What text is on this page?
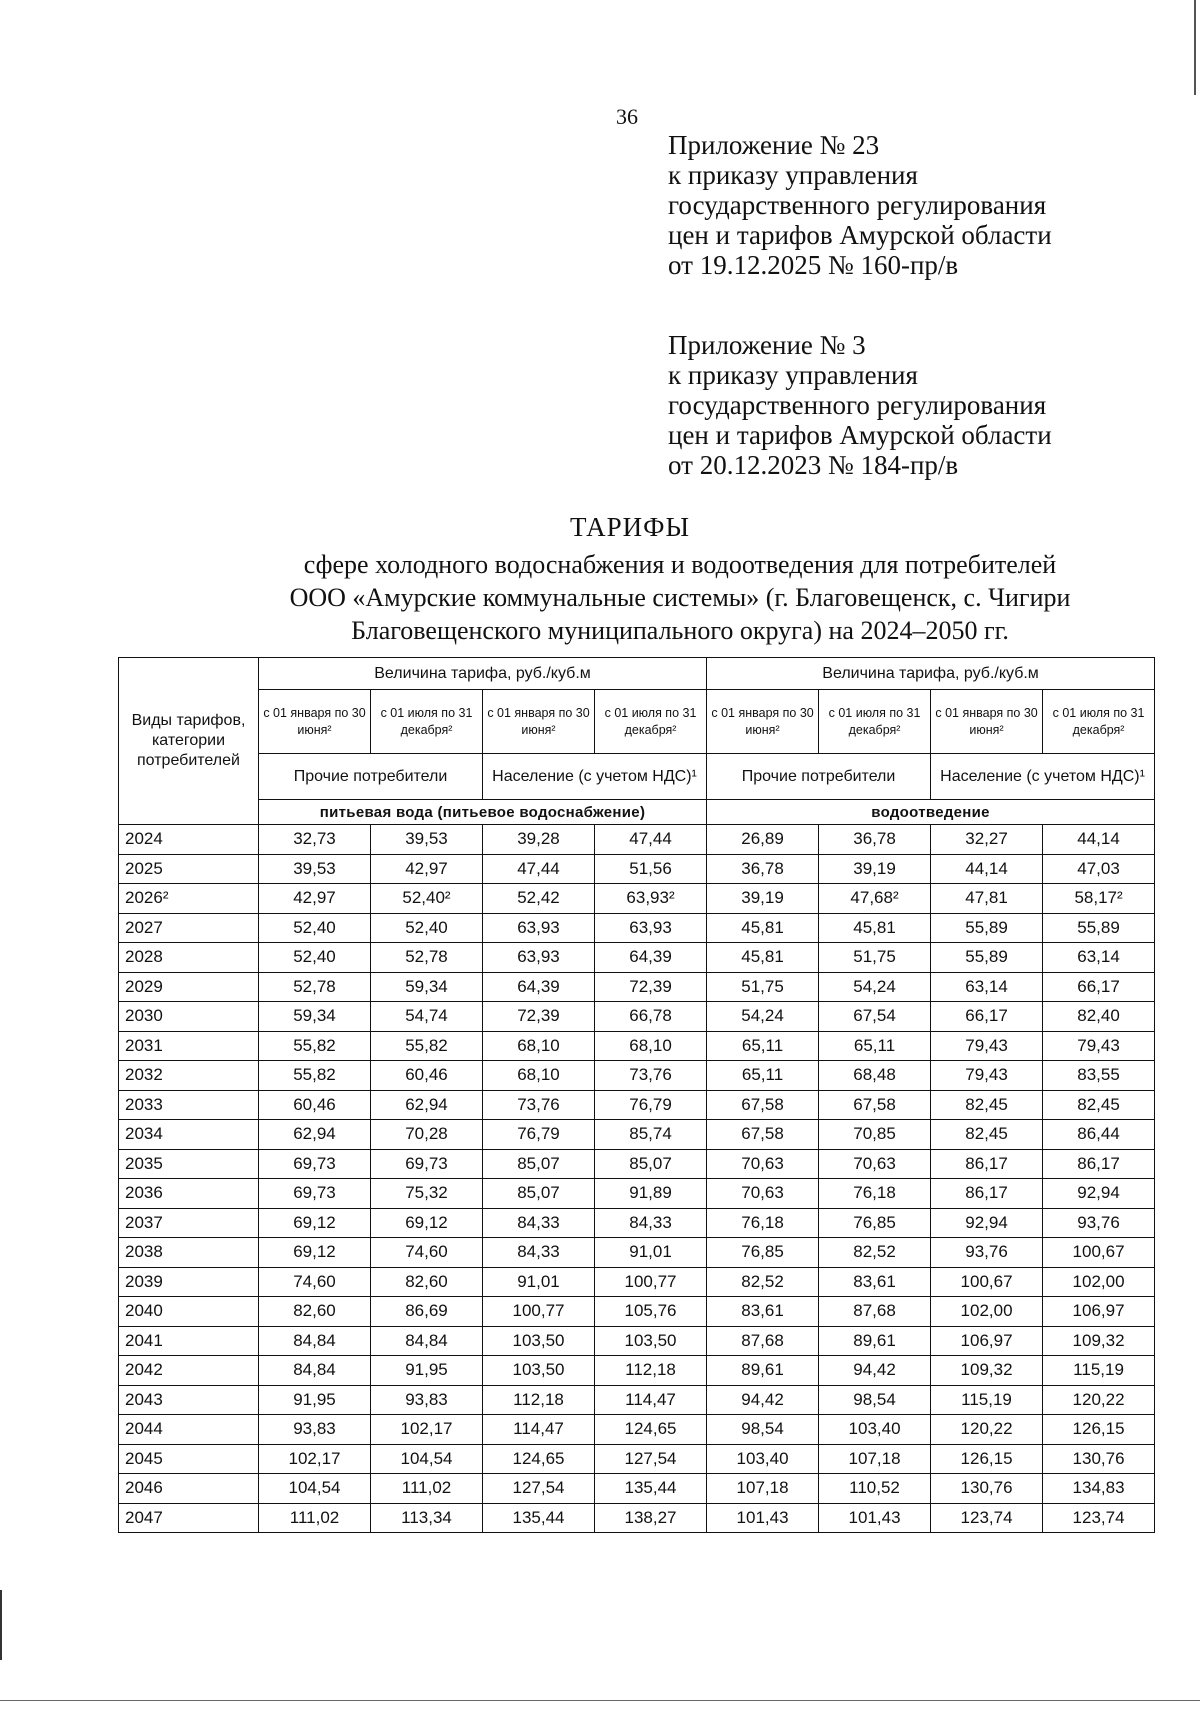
36
Приложение № 23
к приказу управления
государственного регулирования
цен и тарифов Амурской области
от 19.12.2025 № 160-пр/в
Приложение № 3
к приказу управления
государственного регулирования
цен и тарифов Амурской области
от 20.12.2023 № 184-пр/в
ТАРИФЫ
сфере холодного водоснабжения и водоотведения для потребителей
ООО «Амурские коммунальные системы» (г. Благовещенск, с. Чигири
Благовещенского муниципального округа) на 2024–2050 гг.
Виды тарифов, категории потребителей	Величина тарифа, руб./куб.м				Величина тарифа, руб./куб.м			
	с 01 января по 30 июня²	с 01 июля по 31 декабря²	с 01 января по 30 июня²	с 01 июля по 31 декабря²	с 01 января по 30 июня²	с 01 июля по 31 декабря²	с 01 января по 30 июня²	с 01 июля по 31 декабря²
	Прочие потребители		Население (с учетом НДС)¹		Прочие потребители		Население (с учетом НДС)¹	
	питьевая вода (питьевое водоснабжение)				водоотведение			
2024	32,73	39,53	39,28	47,44	26,89	36,78	32,27	44,14
2025	39,53	42,97	47,44	51,56	36,78	39,19	44,14	47,03
2026²	42,97	52,40²	52,42	63,93²	39,19	47,68²	47,81	58,17²
2027	52,40	52,40	63,93	63,93	45,81	45,81	55,89	55,89
2028	52,40	52,78	63,93	64,39	45,81	51,75	55,89	63,14
2029	52,78	59,34	64,39	72,39	51,75	54,24	63,14	66,17
2030	59,34	54,74	72,39	66,78	54,24	67,54	66,17	82,40
2031	55,82	55,82	68,10	68,10	65,11	65,11	79,43	79,43
2032	55,82	60,46	68,10	73,76	65,11	68,48	79,43	83,55
2033	60,46	62,94	73,76	76,79	67,58	67,58	82,45	82,45
2034	62,94	70,28	76,79	85,74	67,58	70,85	82,45	86,44
2035	69,73	69,73	85,07	85,07	70,63	70,63	86,17	86,17
2036	69,73	75,32	85,07	91,89	70,63	76,18	86,17	92,94
2037	69,12	69,12	84,33	84,33	76,18	76,85	92,94	93,76
2038	69,12	74,60	84,33	91,01	76,85	82,52	93,76	100,67
2039	74,60	82,60	91,01	100,77	82,52	83,61	100,67	102,00
2040	82,60	86,69	100,77	105,76	83,61	87,68	102,00	106,97
2041	84,84	84,84	103,50	103,50	87,68	89,61	106,97	109,32
2042	84,84	91,95	103,50	112,18	89,61	94,42	109,32	115,19
2043	91,95	93,83	112,18	114,47	94,42	98,54	115,19	120,22
2044	93,83	102,17	114,47	124,65	98,54	103,40	120,22	126,15
2045	102,17	104,54	124,65	127,54	103,40	107,18	126,15	130,76
2046	104,54	111,02	127,54	135,44	107,18	110,52	130,76	134,83
2047	111,02	113,34	135,44	138,27	101,43	101,43	123,74	123,74
